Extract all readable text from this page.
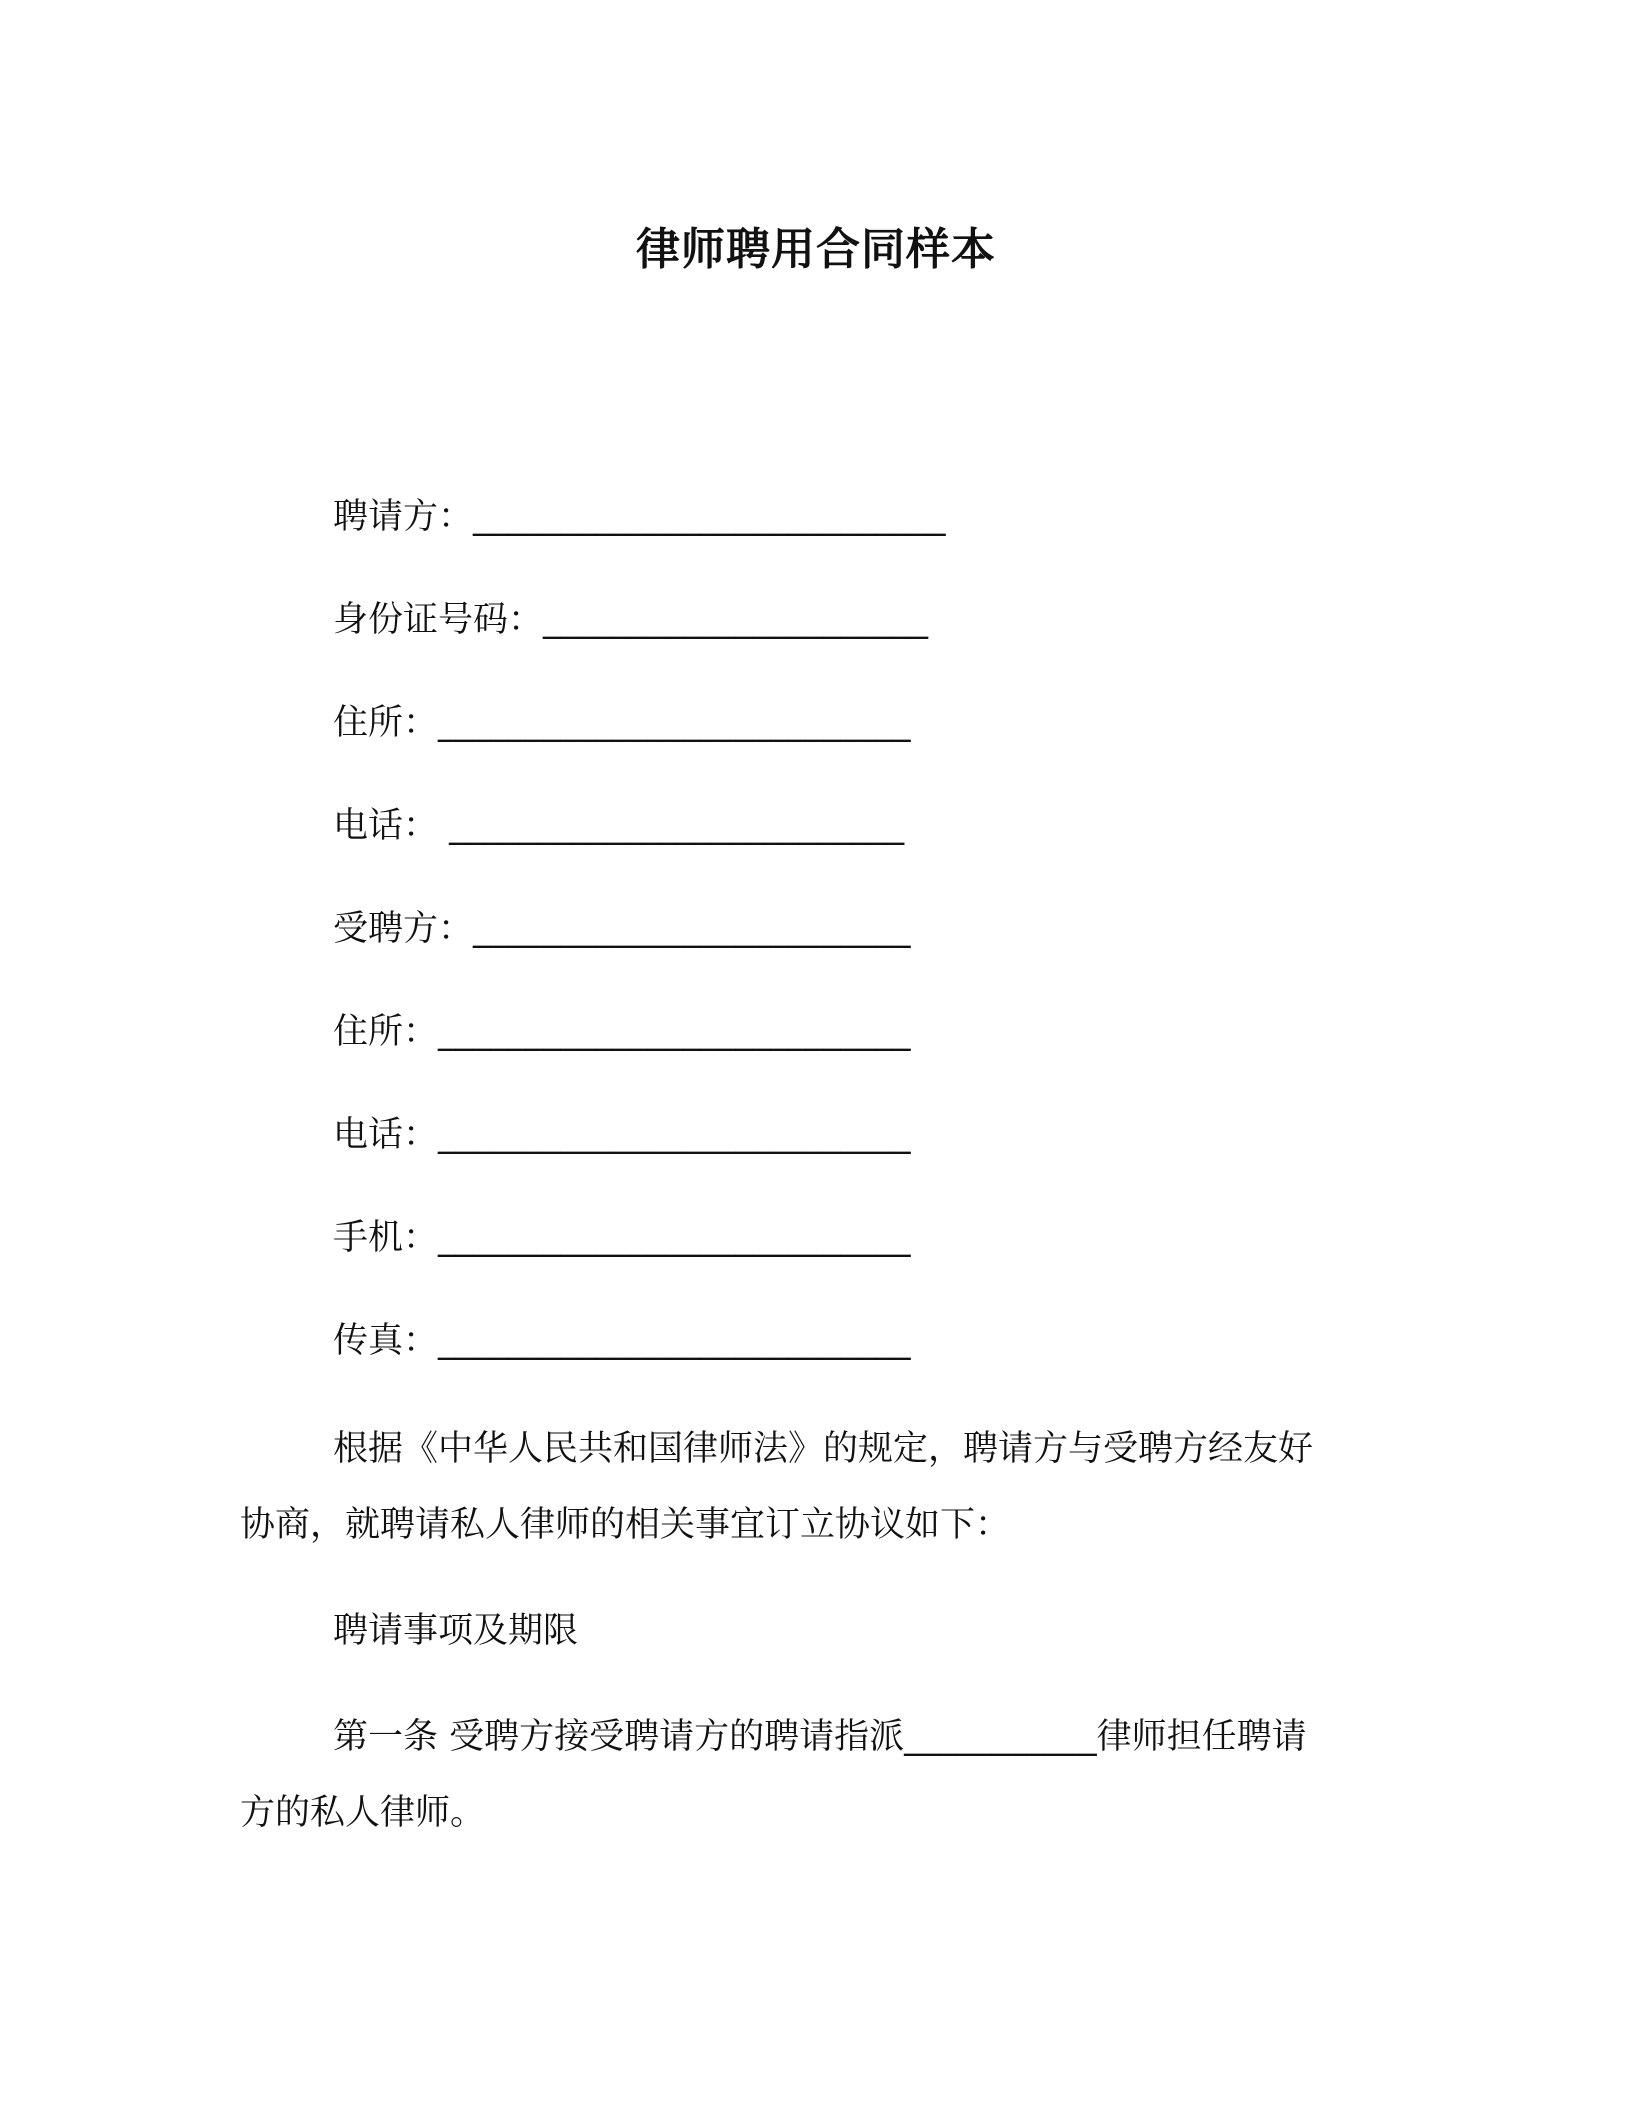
律师聘用合同样本
聘请方：___________________________
身份证号码：______________________
住所：___________________________
电话： __________________________
受聘方：_________________________
住所：___________________________
电话：___________________________
手机：___________________________
传真：___________________________
根据《中华人民共和国律师法》的规定，聘请方与受聘方经友好
协商，就聘请私人律师的相关事宜订立协议如下：
聘请事项及期限
第一条 受聘方接受聘请方的聘请指派___________律师担任聘请
方的私人律师。
